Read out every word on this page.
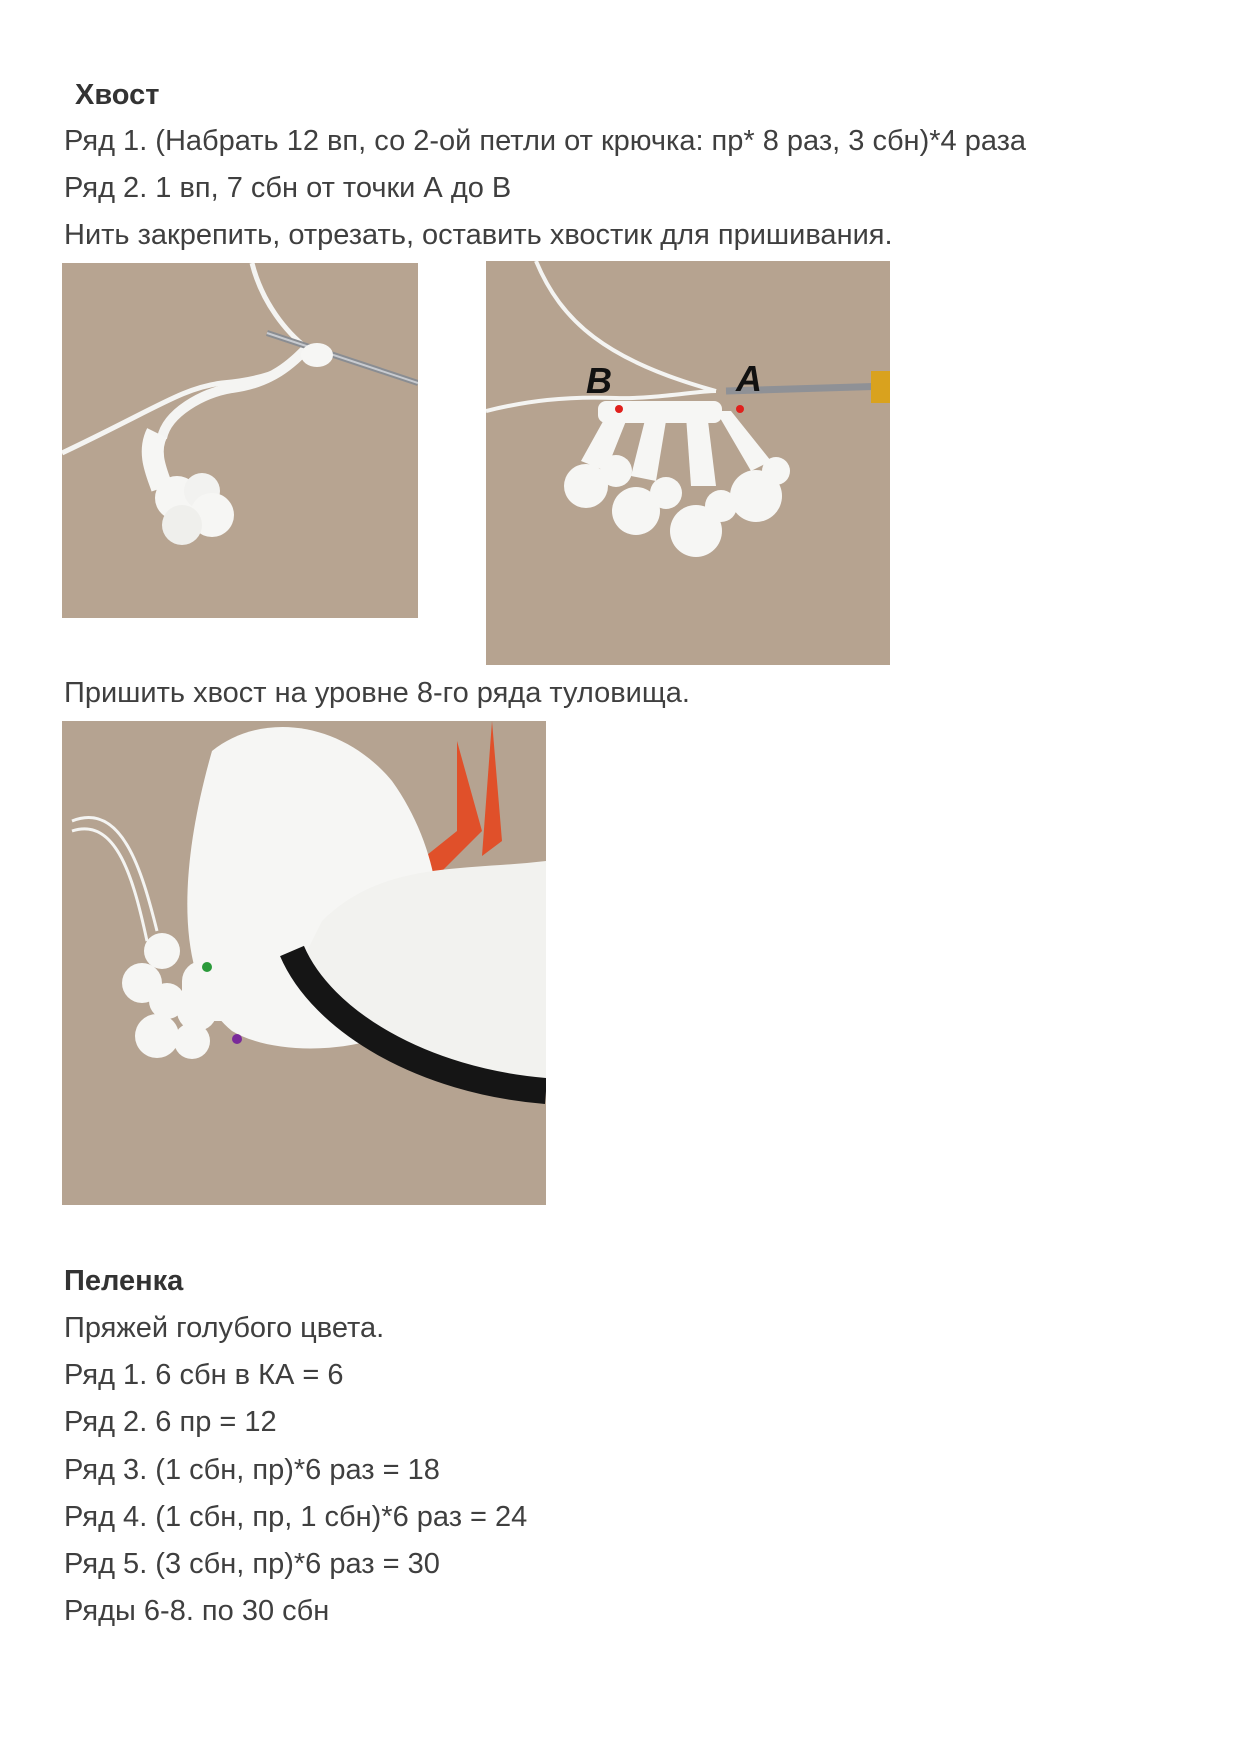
Хвост
Ряд 1. (Набрать 12 вп, со 2-ой петли от крючка: пр* 8 раз, 3 сбн)*4 раза
Ряд 2. 1 вп, 7 сбн от точки А до В
Нить закрепить, отрезать, оставить хвостик для пришивания.
B	A
Пришить хвост на уровне 8-го ряда туловища.
Пеленка
Пряжей голубого цвета.
Ряд 1. 6 сбн в КА = 6
Ряд 2. 6 пр = 12
Ряд 3. (1 сбн, пр)*6 раз = 18
Ряд 4. (1 сбн, пр, 1 сбн)*6 раз = 24
Ряд 5. (3 сбн, пр)*6 раз = 30
Ряды 6-8. по 30 сбн
